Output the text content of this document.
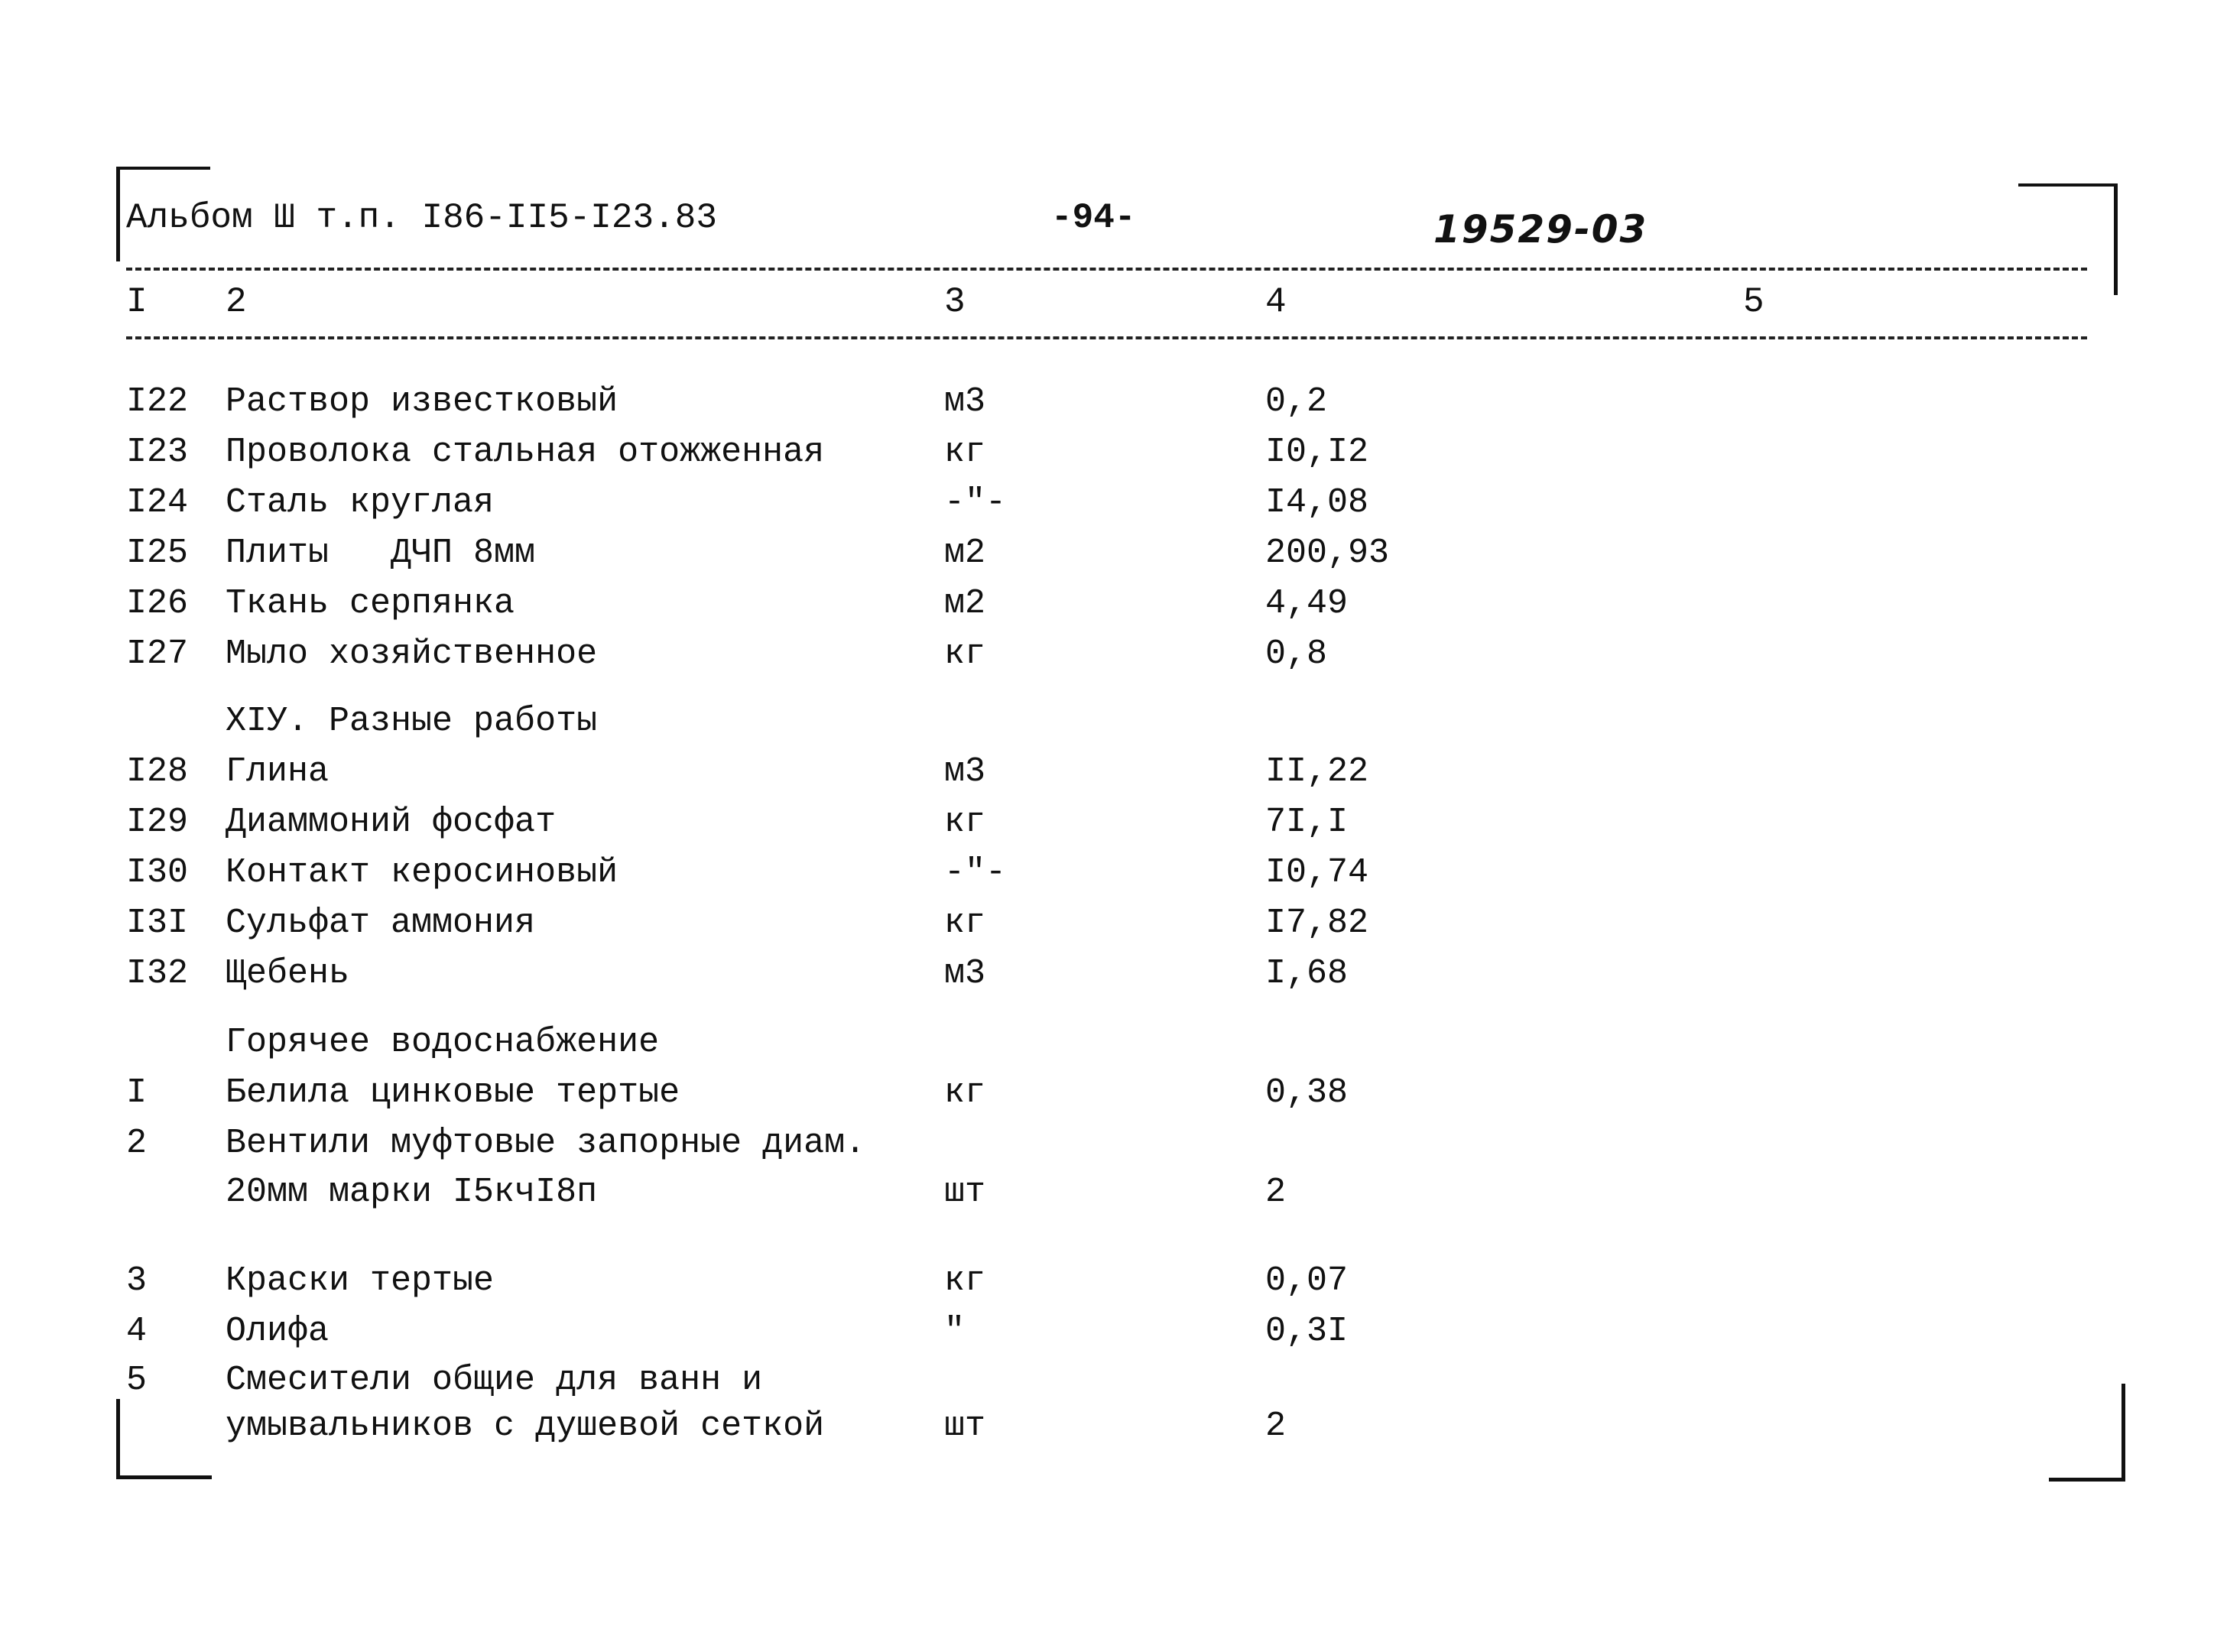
Альбом Ш т.п. I86-II5-I23.83	-94-	19529-03
I 2	3	4	5
I22 Раствор известковый	м3	0,2
I23 Проволока стальная отожженная	кг	I0,I2
I24 Сталь круглая	-"-	I4,08
I25 Плиты   ДЧП 8мм	м2	200,93
I26 Ткань серпянка	м2	4,49
I27 Мыло хозяйственное	кг	0,8
XIУ. Разные работы
I28 Глина	м3	II,22
I29 Диаммоний фосфат	кг	7I,I
I30 Контакт керосиновый	-"-	I0,74
I3I Сульфат аммония	кг	I7,82
I32 Щебень	м3	I,68
Горячее водоснабжение
I Белила цинковые тертые	кг	0,38
2 Вентили муфтовые запорные диам.
20мм марки I5кчI8п	шт	2
3 Краски тертые	кг	0,07
4 Олифа	"	0,3I
5 Смесители общие для ванн и
умывальников с душевой сеткой	шт	2
